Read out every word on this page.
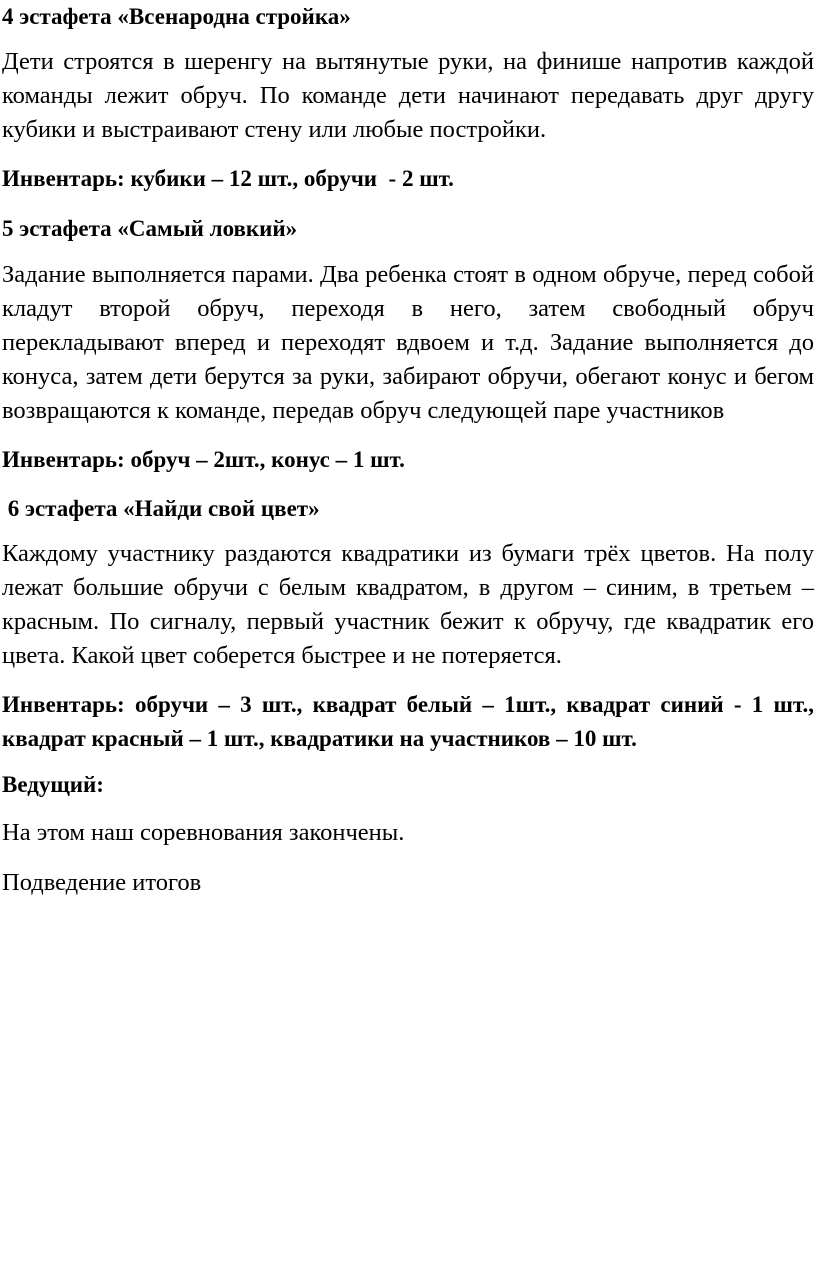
4 эстафета «Всенародна стройка»
Дети строятся в шеренгу на вытянутые руки, на финише напротив каждой команды лежит обруч. По команде дети начинают передавать друг другу кубики и выстраивают стену или любые постройки.
Инвентарь: кубики – 12 шт., обручи  - 2 шт.
5 эстафета «Самый ловкий»
Задание выполняется парами. Два ребенка стоят в одном обруче, перед собой кладут второй обруч, переходя в него, затем свободный обруч перекладывают вперед и переходят вдвоем и т.д. Задание выполняется до конуса, затем дети берутся за руки, забирают обручи, обегают конус и бегом возвращаются к команде, передав обруч следующей паре участников
Инвентарь: обруч – 2шт., конус – 1 шт.
6 эстафета «Найди свой цвет»
Каждому участнику раздаются квадратики из бумаги трёх цветов. На полу лежат большие обручи с белым квадратом, в другом – синим, в третьем – красным. По сигналу, первый участник бежит к обручу, где квадратик его цвета. Какой цвет соберется быстрее и не потеряется.
Инвентарь: обручи – 3 шт., квадрат белый – 1шт., квадрат синий - 1 шт., квадрат красный – 1 шт., квадратики на участников – 10 шт.
Ведущий:
На этом наш соревнования закончены.
Подведение итогов
